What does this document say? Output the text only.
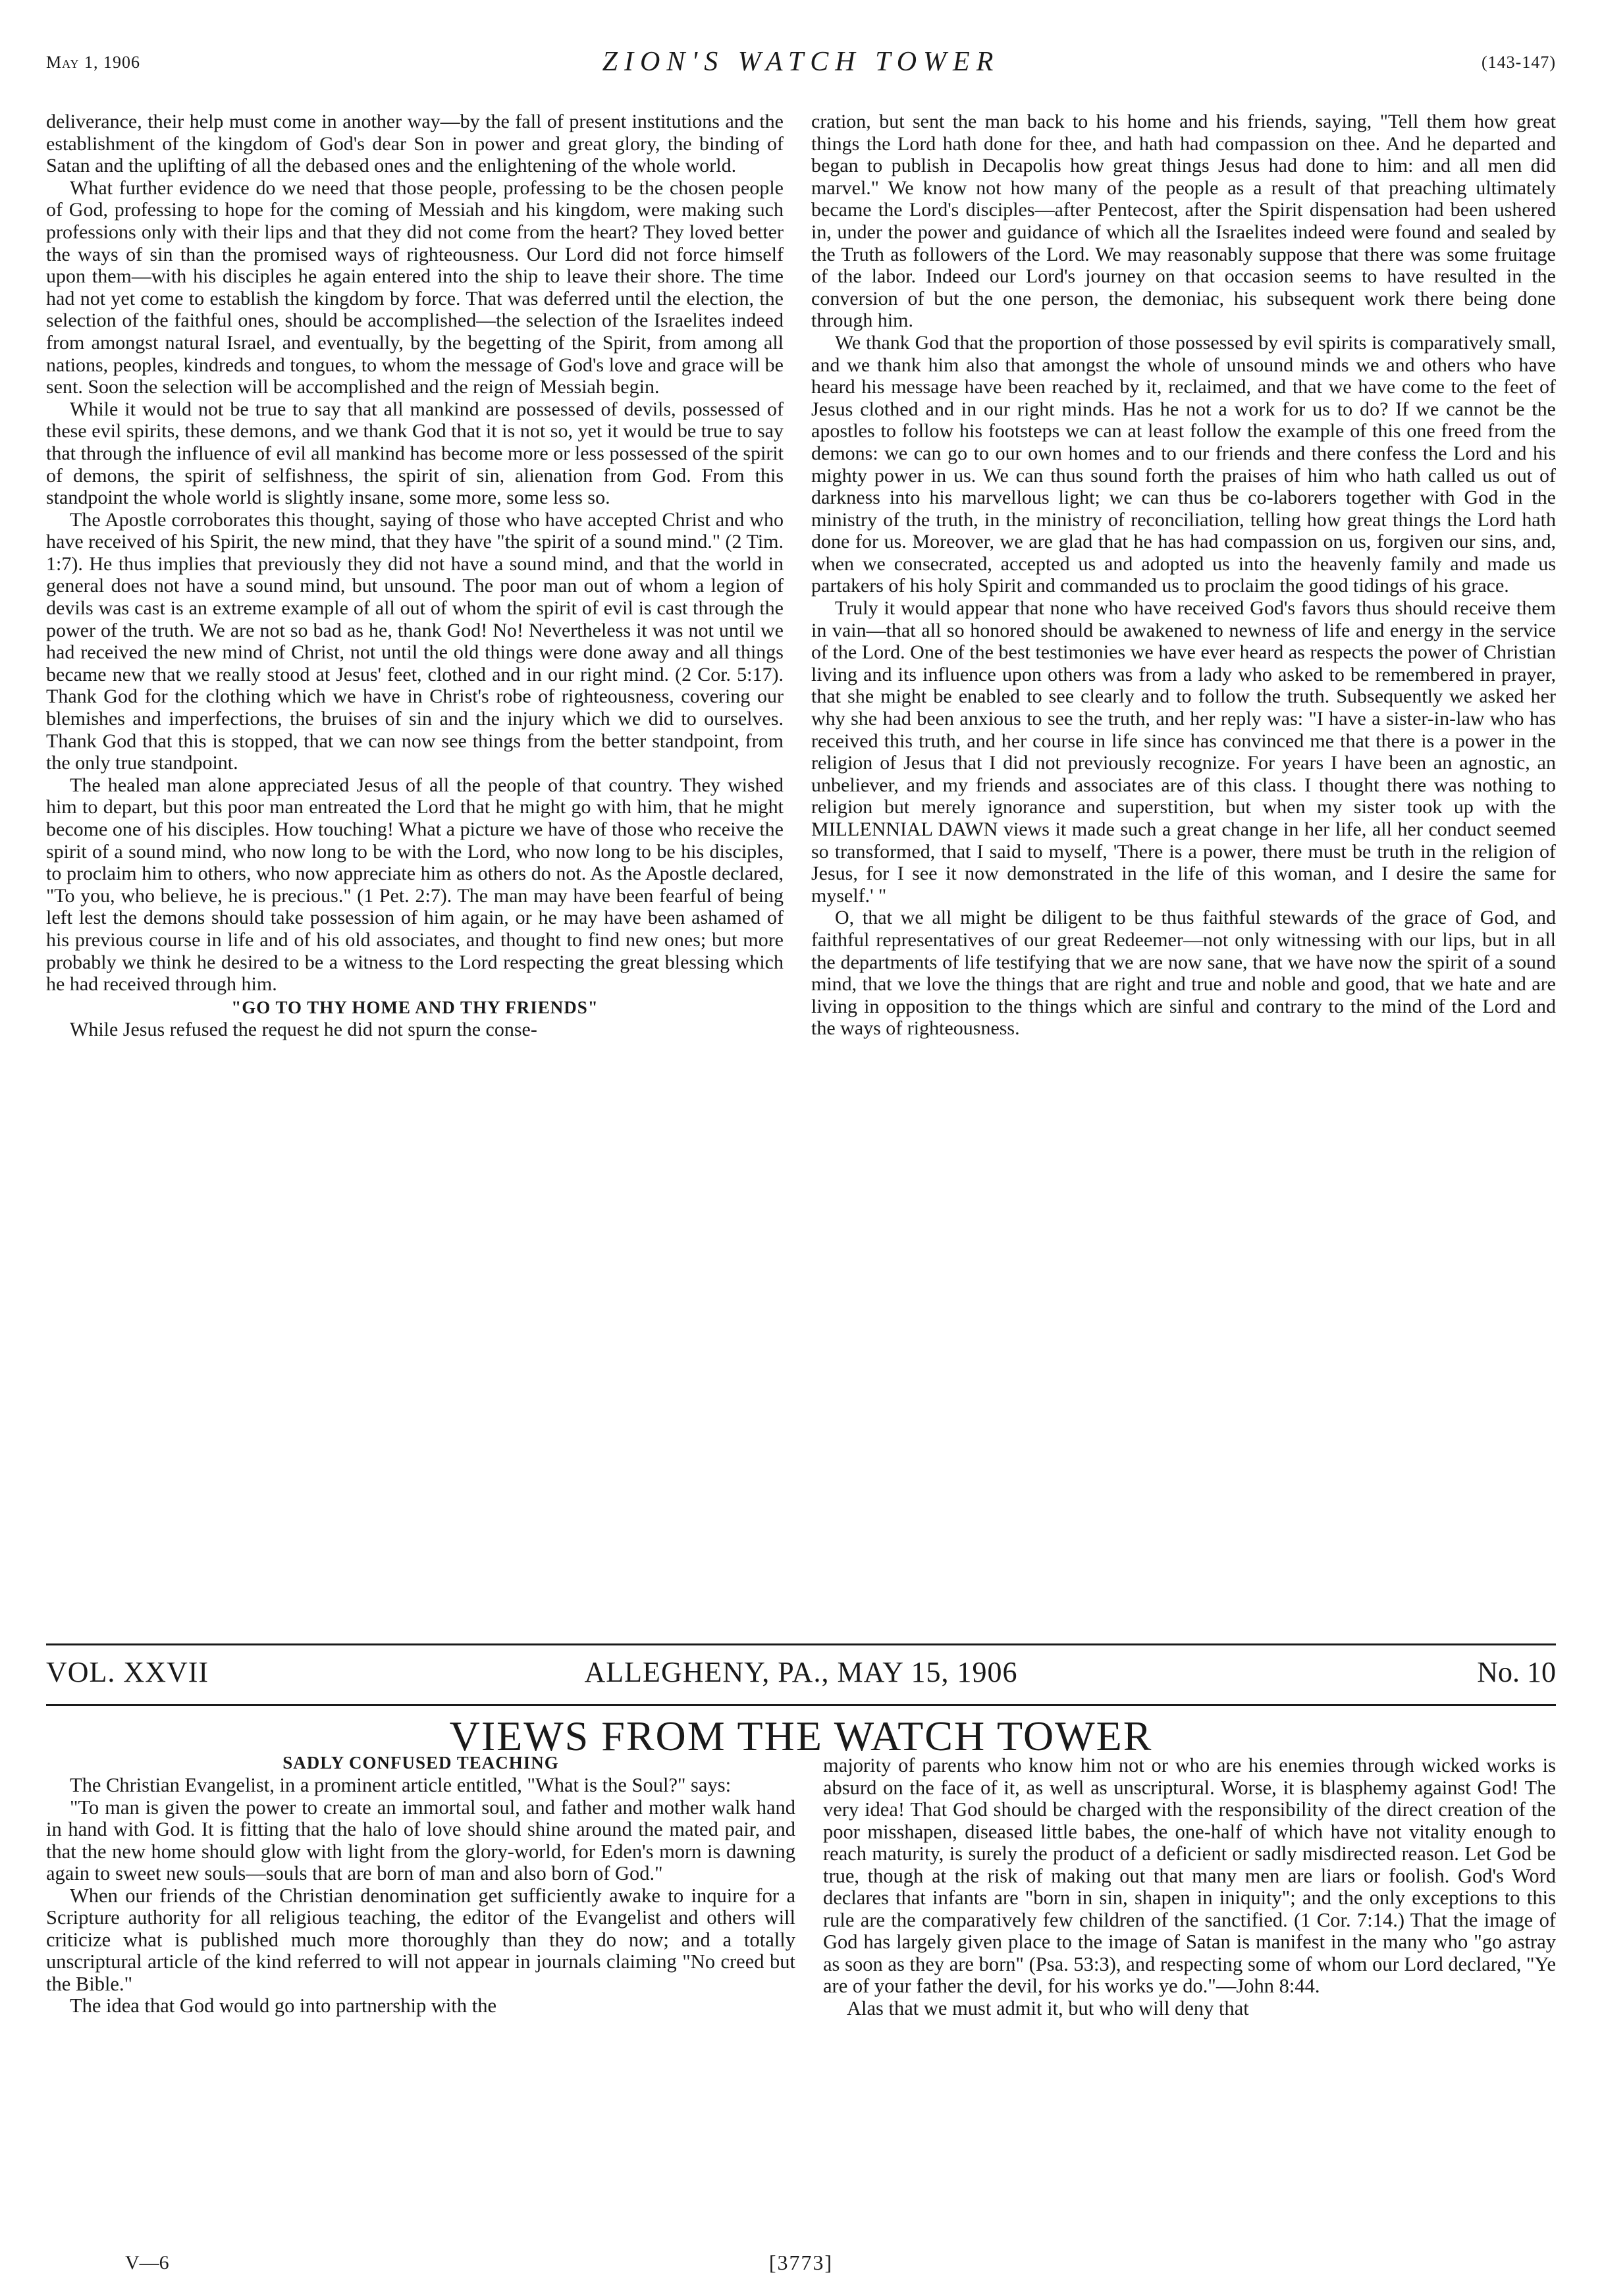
May 1, 1906	ZION'S WATCH TOWER	(143-147)

deliverance, their help must come in another way—by the fall of present institutions and the establishment of the kingdom of God's dear Son in power and great glory, the binding of Satan and the uplifting of all the debased ones and the enlightening of the whole world.

What further evidence do we need that those people, professing to be the chosen people of God, professing to hope for the coming of Messiah and his kingdom, were making such professions only with their lips and that they did not come from the heart? They loved better the ways of sin than the promised ways of righteousness. Our Lord did not force himself upon them—with his disciples he again entered into the ship to leave their shore. The time had not yet come to establish the kingdom by force. That was deferred until the election, the selection of the faithful ones, should be accomplished—the selection of the Israelites indeed from amongst natural Israel, and eventually, by the begetting of the Spirit, from among all nations, peoples, kindreds and tongues, to whom the message of God's love and grace will be sent. Soon the selection will be accomplished and the reign of Messiah begin.

While it would not be true to say that all mankind are possessed of devils, possessed of these evil spirits, these demons, and we thank God that it is not so, yet it would be true to say that through the influence of evil all mankind has become more or less possessed of the spirit of demons, the spirit of selfishness, the spirit of sin, alienation from God. From this standpoint the whole world is slightly insane, some more, some less so.

The Apostle corroborates this thought, saying of those who have accepted Christ and who have received of his Spirit, the new mind, that they have "the spirit of a sound mind." (2 Tim. 1:7). He thus implies that previously they did not have a sound mind, and that the world in general does not have a sound mind, but unsound. The poor man out of whom a legion of devils was cast is an extreme example of all out of whom the spirit of evil is cast through the power of the truth. We are not so bad as he, thank God! No! Nevertheless it was not until we had received the new mind of Christ, not until the old things were done away and all things became new that we really stood at Jesus' feet, clothed and in our right mind. (2 Cor. 5:17). Thank God for the clothing which we have in Christ's robe of righteousness, covering our blemishes and imperfections, the bruises of sin and the injury which we did to ourselves. Thank God that this is stopped, that we can now see things from the better standpoint, from the only true standpoint.

The healed man alone appreciated Jesus of all the people of that country. They wished him to depart, but this poor man entreated the Lord that he might go with him, that he might become one of his disciples. How touching! What a picture we have of those who receive the spirit of a sound mind, who now long to be with the Lord, who now long to be his disciples, to proclaim him to others, who now appreciate him as others do not. As the Apostle declared, "To you, who believe, he is precious." (1 Pet. 2:7). The man may have been fearful of being left lest the demons should take possession of him again, or he may have been ashamed of his previous course in life and of his old associates, and thought to find new ones; but more probably we think he desired to be a witness to the Lord respecting the great blessing which he had received through him.

"GO TO THY HOME AND THY FRIENDS"

While Jesus refused the request he did not spurn the conse-

cration, but sent the man back to his home and his friends, saying, "Tell them how great things the Lord hath done for thee, and hath had compassion on thee. And he departed and began to publish in Decapolis how great things Jesus had done to him: and all men did marvel." We know not how many of the people as a result of that preaching ultimately became the Lord's disciples—after Pentecost, after the Spirit dispensation had been ushered in, under the power and guidance of which all the Israelites indeed were found and sealed by the Truth as followers of the Lord. We may reasonably suppose that there was some fruitage of the labor. Indeed our Lord's journey on that occasion seems to have resulted in the conversion of but the one person, the demoniac, his subsequent work there being done through him.

We thank God that the proportion of those possessed by evil spirits is comparatively small, and we thank him also that amongst the whole of unsound minds we and others who have heard his message have been reached by it, reclaimed, and that we have come to the feet of Jesus clothed and in our right minds. Has he not a work for us to do? If we cannot be the apostles to follow his footsteps we can at least follow the example of this one freed from the demons: we can go to our own homes and to our friends and there confess the Lord and his mighty power in us. We can thus sound forth the praises of him who hath called us out of darkness into his marvellous light; we can thus be co-laborers together with God in the ministry of the truth, in the ministry of reconciliation, telling how great things the Lord hath done for us. Moreover, we are glad that he has had compassion on us, forgiven our sins, and, when we consecrated, accepted us and adopted us into the heavenly family and made us partakers of his holy Spirit and commanded us to proclaim the good tidings of his grace.

Truly it would appear that none who have received God's favors thus should receive them in vain—that all so honored should be awakened to newness of life and energy in the service of the Lord. One of the best testimonies we have ever heard as respects the power of Christian living and its influence upon others was from a lady who asked to be remembered in prayer, that she might be enabled to see clearly and to follow the truth. Subsequently we asked her why she had been anxious to see the truth, and her reply was: "I have a sister-in-law who has received this truth, and her course in life since has convinced me that there is a power in the religion of Jesus that I did not previously recognize. For years I have been an agnostic, an unbeliever, and my friends and associates are of this class. I thought there was nothing to religion but merely ignorance and superstition, but when my sister took up with the MILLENNIAL DAWN views it made such a great change in her life, all her conduct seemed so transformed, that I said to myself, 'There is a power, there must be truth in the religion of Jesus, for I see it now demonstrated in the life of this woman, and I desire the same for myself.' "

O, that we all might be diligent to be thus faithful stewards of the grace of God, and faithful representatives of our great Redeemer—not only witnessing with our lips, but in all the departments of life testifying that we are now sane, that we have now the spirit of a sound mind, that we love the things that are right and true and noble and good, that we hate and are living in opposition to the things which are sinful and contrary to the mind of the Lord and the ways of righteousness.

VOL. XXVII	ALLEGHENY, PA., MAY 15, 1906	No. 10
VIEWS FROM THE WATCH TOWER
SADLY CONFUSED TEACHING

The Christian Evangelist, in a prominent article entitled, "What is the Soul?" says:

"To man is given the power to create an immortal soul, and father and mother walk hand in hand with God. It is fitting that the halo of love should shine around the mated pair, and that the new home should glow with light from the glory-world, for Eden's morn is dawning again to sweet new souls—souls that are born of man and also born of God."

When our friends of the Christian denomination get sufficiently awake to inquire for a Scripture authority for all religious teaching, the editor of the Evangelist and others will criticize what is published much more thoroughly than they do now; and a totally unscriptural article of the kind referred to will not appear in journals claiming "No creed but the Bible."

The idea that God would go into partnership with the

majority of parents who know him not or who are his enemies through wicked works is absurd on the face of it, as well as unscriptural. Worse, it is blasphemy against God! The very idea! That God should be charged with the responsibility of the direct creation of the poor misshapen, diseased little babes, the one-half of which have not vitality enough to reach maturity, is surely the product of a deficient or sadly misdirected reason. Let God be true, though at the risk of making out that many men are liars or foolish. God's Word declares that infants are "born in sin, shapen in iniquity"; and the only exceptions to this rule are the comparatively few children of the sanctified. (1 Cor. 7:14.) That the image of God has largely given place to the image of Satan is manifest in the many who "go astray as soon as they are born" (Psa. 53:3), and respecting some of whom our Lord declared, "Ye are of your father the devil, for his works ye do."—John 8:44.

Alas that we must admit it, but who will deny that

V—6	[3773]
